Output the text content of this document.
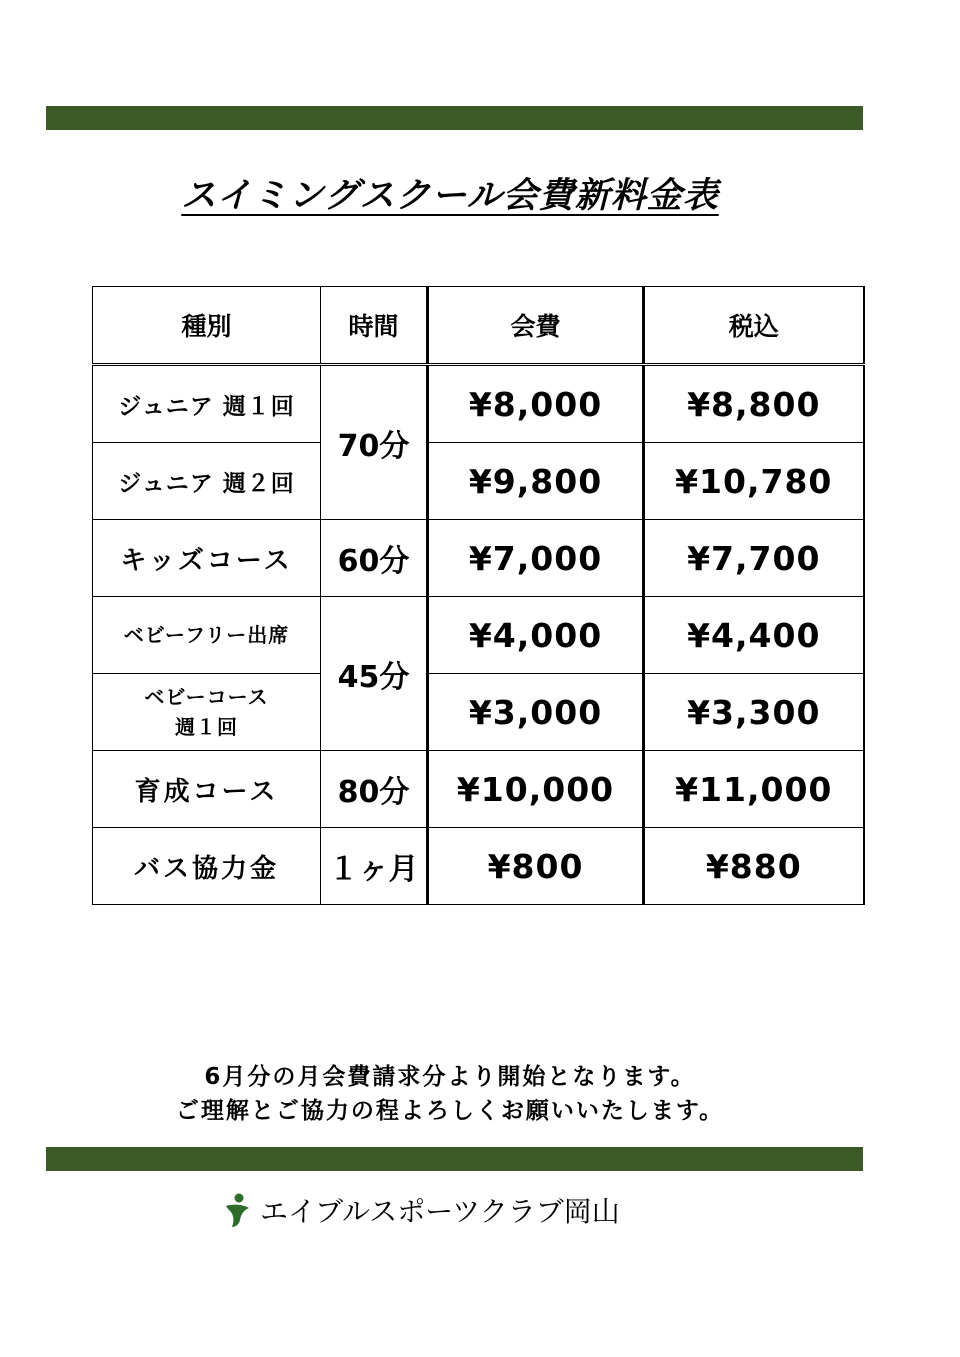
スイミングスクール会費新料金表
種別	時間	会費	税込
ジュニア 週１回	70分	¥8,000	¥8,800
ジュニア 週２回		¥9,800	¥10,780
キッズコース	60分	¥7,000	¥7,700
ベビーフリー出席	45分	¥4,000	¥4,400

ベビーコース
週１回		¥3,000	¥3,300
育成コース	80分	¥10,000	¥11,000
バス協力金	１ヶ月	¥800	¥880
6月分の月会費請求分より開始となります。
ご理解とご協力の程よろしくお願いいたします。
エイブルスポーツクラブ岡山
